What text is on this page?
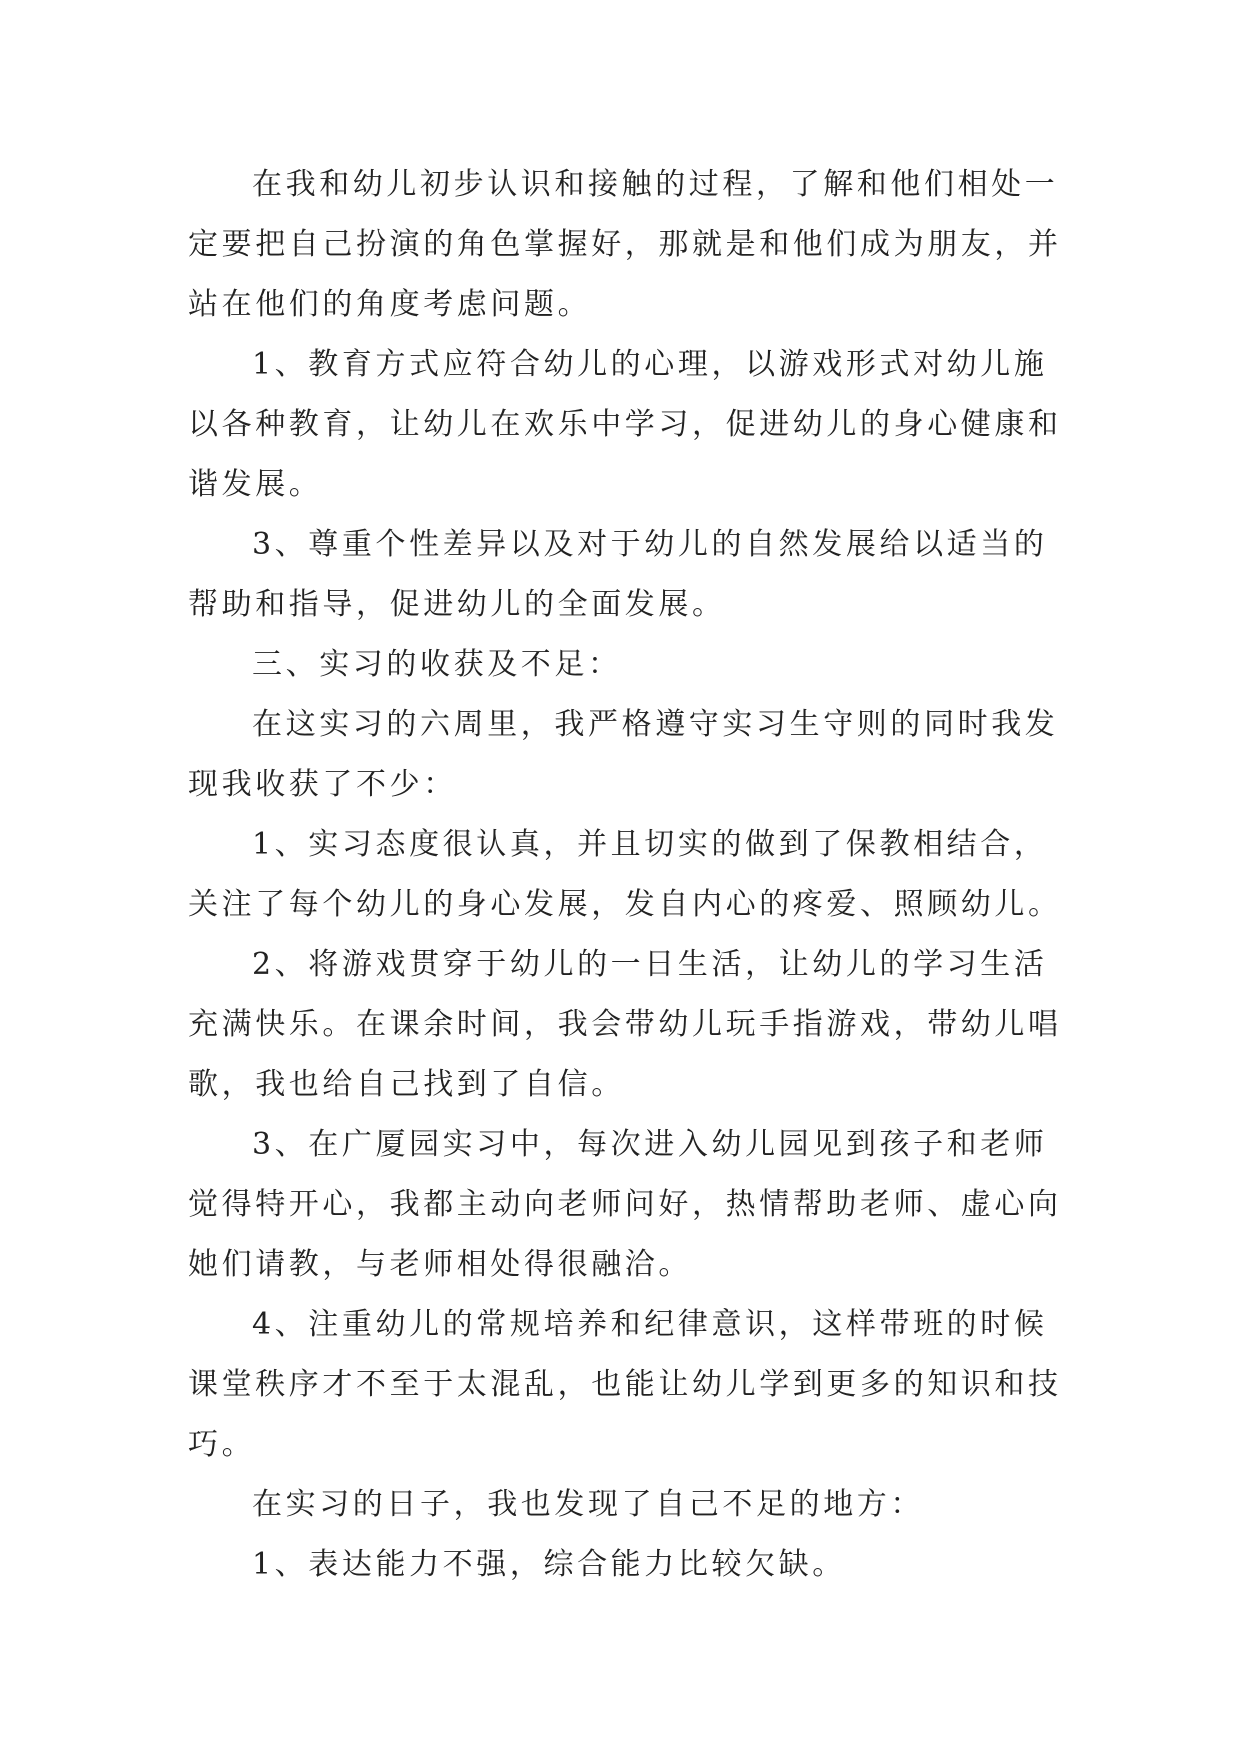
在我和幼儿初步认识和接触的过程，了解和他们相处一
定要把自己扮演的角色掌握好，那就是和他们成为朋友，并
站在他们的角度考虑问题。
1、教育方式应符合幼儿的心理，以游戏形式对幼儿施
以各种教育，让幼儿在欢乐中学习，促进幼儿的身心健康和
谐发展。
3、尊重个性差异以及对于幼儿的自然发展给以适当的
帮助和指导，促进幼儿的全面发展。
三、实习的收获及不足：
在这实习的六周里，我严格遵守实习生守则的同时我发
现我收获了不少：
1、实习态度很认真，并且切实的做到了保教相结合，
关注了每个幼儿的身心发展，发自内心的疼爱、照顾幼儿。
2、将游戏贯穿于幼儿的一日生活，让幼儿的学习生活
充满快乐。在课余时间，我会带幼儿玩手指游戏，带幼儿唱
歌，我也给自己找到了自信。
3、在广厦园实习中，每次进入幼儿园见到孩子和老师
觉得特开心，我都主动向老师问好，热情帮助老师、虚心向
她们请教，与老师相处得很融洽。
4、注重幼儿的常规培养和纪律意识，这样带班的时候
课堂秩序才不至于太混乱，也能让幼儿学到更多的知识和技
巧。
在实习的日子，我也发现了自己不足的地方：
1、表达能力不强，综合能力比较欠缺。
